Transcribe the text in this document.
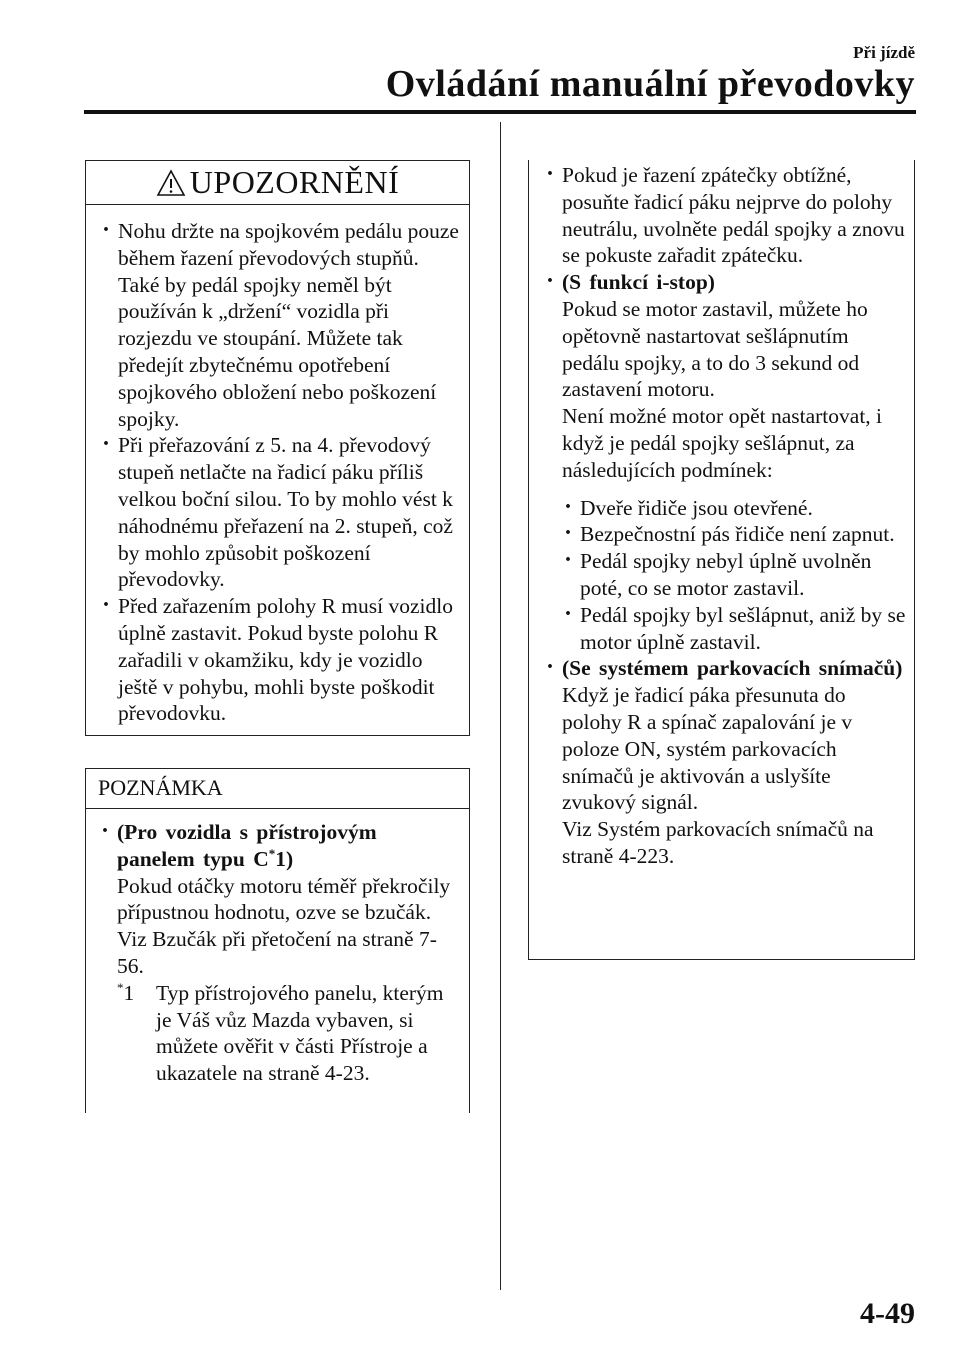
Při jízdě
Ovládání manuální převodovky
UPOZORNĚNÍ
· Nohu držte na spojkovém pedálu pouze během řazení převodových stupňů. Také by pedál spojky neměl být používán k „držení“ vozidla při rozjezdu ve stoupání. Můžete tak předejít zbytečnému opotřebení spojkového obložení nebo poškození spojky.
· Při přeřazování z 5. na 4. převodový stupeň netlačte na řadicí páku příliš velkou boční silou. To by mohlo vést k náhodnému přeřazení na 2. stupeň, což by mohlo způsobit poškození převodovky.
· Před zařazením polohy R musí vozidlo úplně zastavit. Pokud byste polohu R zařadili v okamžiku, kdy je vozidlo ještě v pohybu, mohli byste poškodit převodovku.
POZNÁMKA
· (Pro vozidla s přístrojovým panelem typu C*1)
Pokud otáčky motoru téměř překročily přípustnou hodnotu, ozve se bzučák.
Viz Bzučák při přetočení na straně 7-56.
*1 Typ přístrojového panelu, kterým je Váš vůz Mazda vybaven, si můžete ověřit v části Přístroje a ukazatele na straně 4-23.
· Pokud je řazení zpátečky obtížné, posuňte řadicí páku nejprve do polohy neutrálu, uvolněte pedál spojky a znovu se pokuste zařadit zpátečku.
· (S funkcí i-stop)
Pokud se motor zastavil, můžete ho opětovně nastartovat sešlápnutím pedálu spojky, a to do 3 sekund od zastavení motoru.
Není možné motor opět nastartovat, i když je pedál spojky sešlápnut, za následujících podmínek:
· Dveře řidiče jsou otevřené.
· Bezpečnostní pás řidiče není zapnut.
· Pedál spojky nebyl úplně uvolněn poté, co se motor zastavil.
· Pedál spojky byl sešlápnut, aniž by se motor úplně zastavil.
· (Se systémem parkovacích snímačů)
Když je řadicí páka přesunuta do polohy R a spínač zapalování je v poloze ON, systém parkovacích snímačů je aktivován a uslyšíte zvukový signál.
Viz Systém parkovacích snímačů na straně 4-223.
4-49
